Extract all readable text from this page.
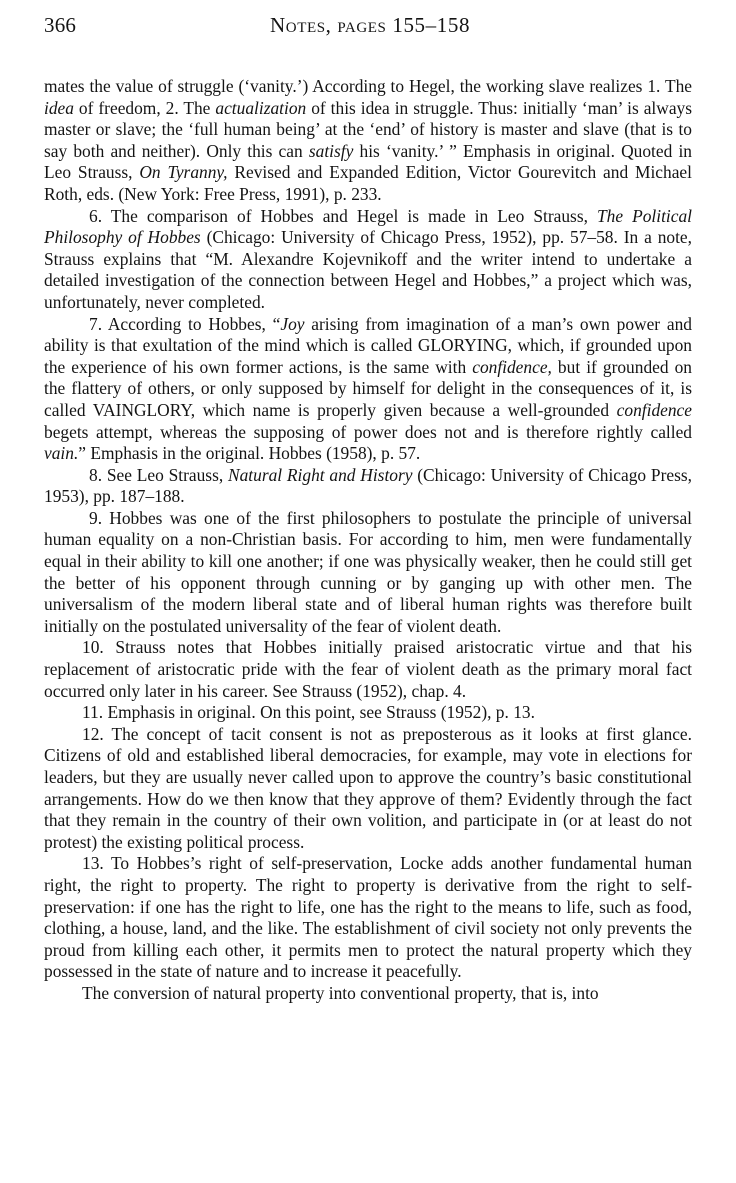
366	Notes, pages 155–158

mates the value of struggle (‘vanity.’) According to Hegel, the working slave realizes 1. The idea of freedom, 2. The actualization of this idea in struggle. Thus: initially ‘man’ is always master or slave; the ‘full human being’ at the ‘end’ of history is master and slave (that is to say both and neither). Only this can satisfy his ‘vanity.’ ” Emphasis in original. Quoted in Leo Strauss, On Tyranny, Revised and Expanded Edition, Victor Gourevitch and Michael Roth, eds. (New York: Free Press, 1991), p. 233.

6. The comparison of Hobbes and Hegel is made in Leo Strauss, The Political Philosophy of Hobbes (Chicago: University of Chicago Press, 1952), pp. 57–58. In a note, Strauss explains that “M. Alexandre Kojevnikoff and the writer intend to undertake a detailed investigation of the connection between Hegel and Hobbes,” a project which was, unfortunately, never completed.

7. According to Hobbes, “Joy arising from imagination of a man’s own power and ability is that exultation of the mind which is called GLORYING, which, if grounded upon the experience of his own former actions, is the same with confidence, but if grounded on the flattery of others, or only supposed by himself for delight in the consequences of it, is called VAINGLORY, which name is properly given because a well-grounded confidence begets attempt, whereas the supposing of power does not and is therefore rightly called vain.” Emphasis in the original. Hobbes (1958), p. 57.

8. See Leo Strauss, Natural Right and History (Chicago: University of Chicago Press, 1953), pp. 187–188.

9. Hobbes was one of the first philosophers to postulate the principle of universal human equality on a non-Christian basis. For according to him, men were fundamentally equal in their ability to kill one another; if one was physically weaker, then he could still get the better of his opponent through cunning or by ganging up with other men. The universalism of the modern liberal state and of liberal human rights was therefore built initially on the postulated universality of the fear of violent death.

10. Strauss notes that Hobbes initially praised aristocratic virtue and that his replacement of aristocratic pride with the fear of violent death as the primary moral fact occurred only later in his career. See Strauss (1952), chap. 4.

11. Emphasis in original. On this point, see Strauss (1952), p. 13.

12. The concept of tacit consent is not as preposterous as it looks at first glance. Citizens of old and established liberal democracies, for example, may vote in elections for leaders, but they are usually never called upon to approve the country’s basic constitutional arrangements. How do we then know that they approve of them? Evidently through the fact that they remain in the country of their own volition, and participate in (or at least do not protest) the existing political process.

13. To Hobbes’s right of self-preservation, Locke adds another fundamental human right, the right to property. The right to property is derivative from the right to self-preservation: if one has the right to life, one has the right to the means to life, such as food, clothing, a house, land, and the like. The establishment of civil society not only prevents the proud from killing each other, it permits men to protect the natural property which they possessed in the state of nature and to increase it peacefully.

The conversion of natural property into conventional property, that is, into
